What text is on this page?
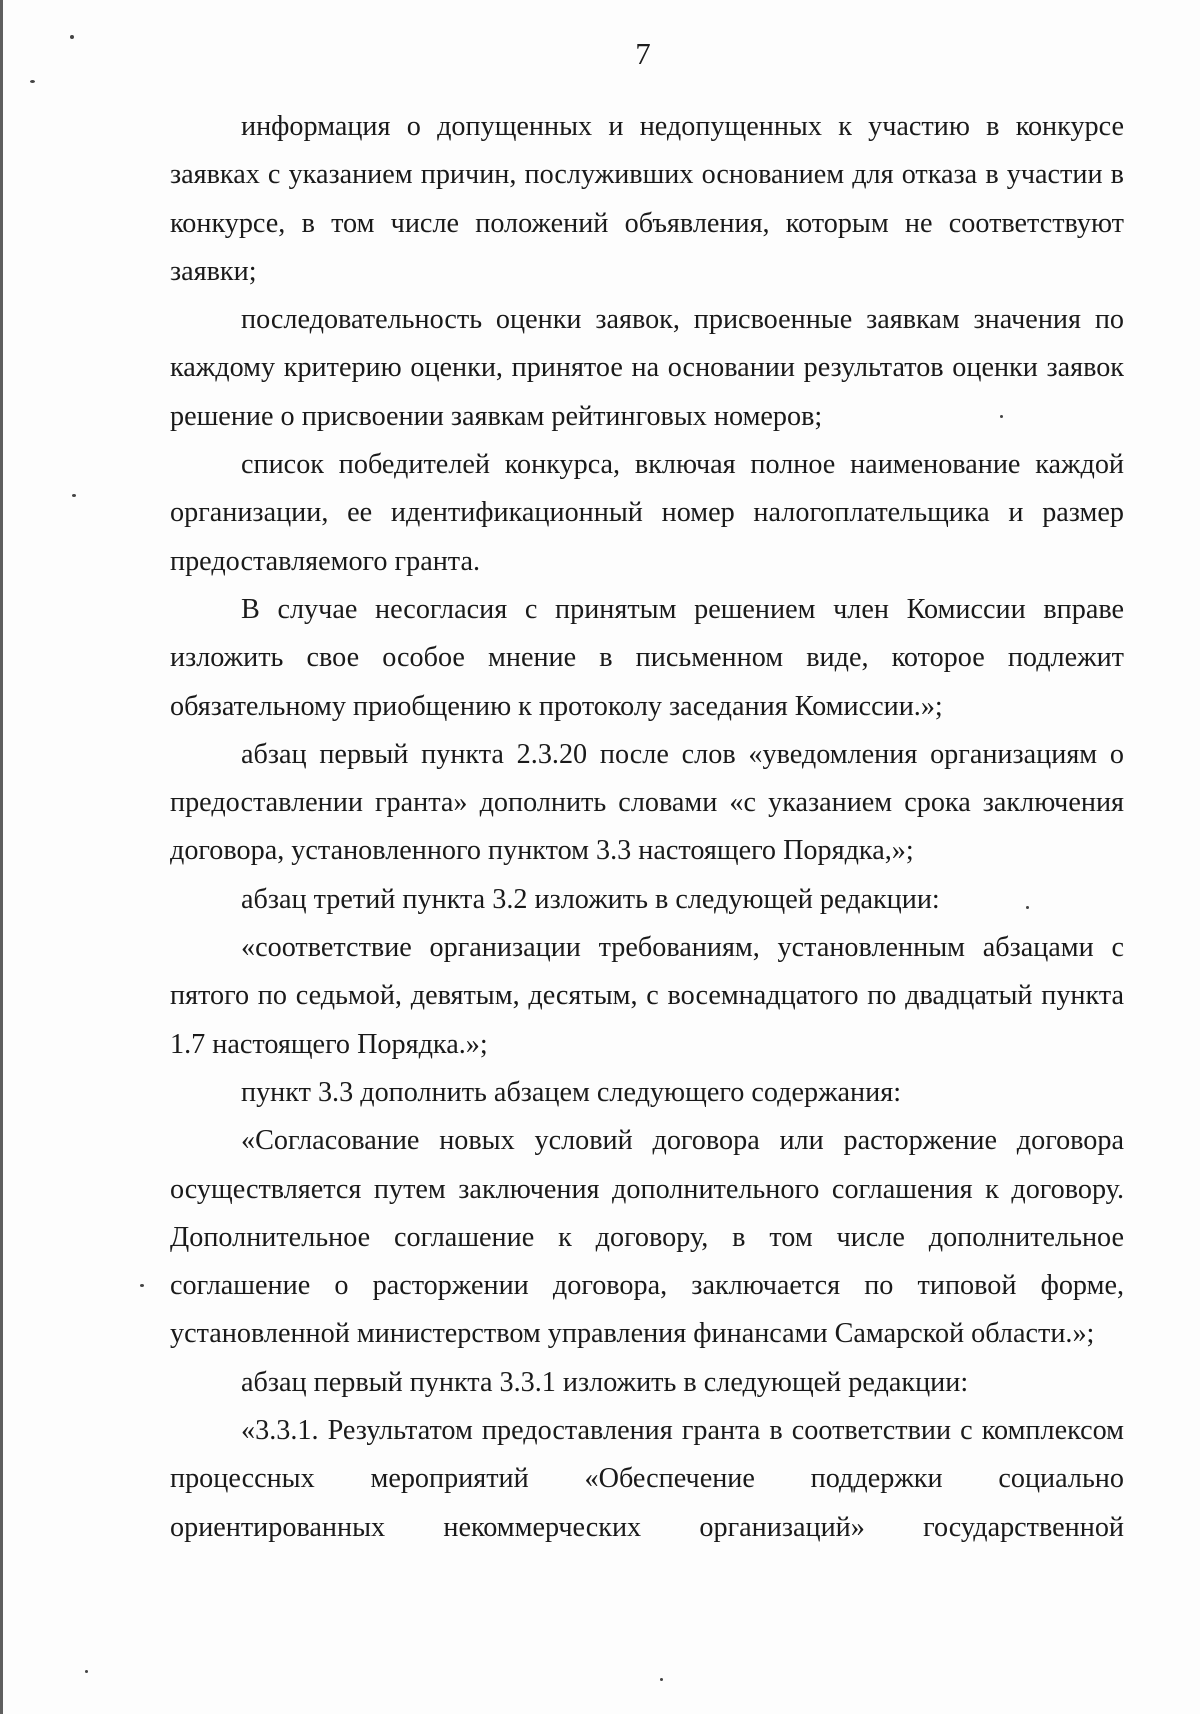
7

информация о допущенных и недопущенных к участию в конкурсе заявках с указанием причин, послуживших основанием для отказа в участии в конкурсе, в том числе положений объявления, которым не соответствуют заявки;

последовательность оценки заявок, присвоенные заявкам значения по каждому критерию оценки, принятое на основании результатов оценки заявок решение о присвоении заявкам рейтинговых номеров;

список победителей конкурса, включая полное наименование каждой организации, ее идентификационный номер налогоплательщика и размер предоставляемого гранта.

В случае несогласия с принятым решением член Комиссии вправе изложить свое особое мнение в письменном виде, которое подлежит обязательному приобщению к протоколу заседания Комиссии.»;

абзац первый пункта 2.3.20 после слов «уведомления организациям о предоставлении гранта» дополнить словами «с указанием срока заключения договора, установленного пунктом 3.3 настоящего Порядка,»;

абзац третий пункта 3.2 изложить в следующей редакции:

«соответствие организации требованиям, установленным абзацами с пятого по седьмой, девятым, десятым, с восемнадцатого по двадцатый пункта 1.7 настоящего Порядка.»;

пункт 3.3 дополнить абзацем следующего содержания:

«Согласование новых условий договора или расторжение договора осуществляется путем заключения дополнительного соглашения к договору. Дополнительное соглашение к договору, в том числе дополнительное соглашение о расторжении договора, заключается по типовой форме, установленной министерством управления финансами Самарской области.»;

абзац первый пункта 3.3.1 изложить в следующей редакции:

«3.3.1. Результатом предоставления гранта в соответствии с комплексом процессных мероприятий «Обеспечение поддержки социально ориентированных некоммерческих организаций» государственной
